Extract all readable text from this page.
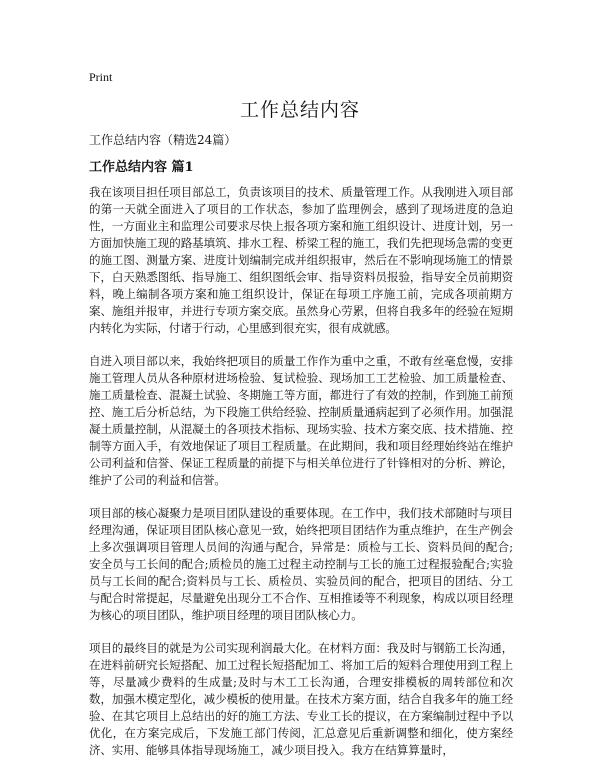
Print
工作总结内容
工作总结内容（精选24篇）
工作总结内容 篇1

我在该项目担任项目部总工，负责该项目的技术、质量管理工作。从我刚进入项目部的第一天就全面进入了项目的工作状态，参加了监理例会，感到了现场进度的急迫性，一方面业主和监理公司要求尽快上报各项方案和施工组织设计、进度计划，另一方面加快施工现的路基填筑、排水工程、桥梁工程的施工，我们先把现场急需的变更的施工图、测量方案、进度计划编制完成并组织报审，然后在不影响现场施工的情景下，白天熟悉图纸、指导施工、组织图纸会审、指导资料员报验，指导安全员前期资料，晚上编制各项方案和施工组织设计，保证在每项工序施工前，完成各项前期方案、施组并报审，并进行专项方案交底。虽然身心劳累，但将自我多年的经验在短期内转化为实际，付诸于行动，心里感到很充实，很有成就感。

自进入项目部以来，我始终把项目的质量工作作为重中之重，不敢有丝毫怠慢，安排施工管理人员从各种原材进场检验、复试检验、现场加工工艺检验、加工质量检查、施工质量检查、混凝土试验、冬期施工等方面，都进行了有效的控制，作到施工前预控、施工后分析总结，为下段施工供给经验、控制质量通病起到了必须作用。加强混凝土质量控制，从混凝土的各项技术指标、现场实验、技术方案交底、技术措施、控制等方面入手，有效地保证了项目工程质量。在此期间，我和项目经理始终站在维护公司利益和信誉、保证工程质量的前提下与相关单位进行了针锋相对的分析、辨论，维护了公司的利益和信誉。

项目部的核心凝聚力是项目团队建设的重要体现。在工作中，我们技术部随时与项目经理沟通，保证项目团队核心意见一致，始终把项目团结作为重点维护，在生产例会上多次强调项目管理人员间的沟通与配合，异常是：质检与工长、资料员间的配合;安全员与工长间的配合;质检员的施工过程主动控制与工长的施工过程报验配合;实验员与工长间的配合;资料员与工长、质检员、实验员间的配合，把项目的团结、分工与配合时常提起，尽量避免出现分工不合作、互相推诿等不利现象，构成以项目经理为核心的项目团队，维护项目经理的项目团队核心力。

项目的最终目的就是为公司实现利润最大化。在材料方面：我及时与钢筋工长沟通，在进料前研究长短搭配、加工过程长短搭配加工、将加工后的短料合理使用到工程上等，尽量减少费料的生成量;及时与木工工长沟通，合理安排模板的周转部位和次数，加强木模定型化，减少模板的使用量。在技术方案方面，结合自我多年的施工经验、在其它项目上总结出的好的施工方法、专业工长的提议，在方案编制过程中予以优化，在方案完成后，下发施工部门传阅，汇总意见后重新调整和细化，使方案经济、实用、能够具体指导现场施工，减少项目投入。我方在结算算量时，
